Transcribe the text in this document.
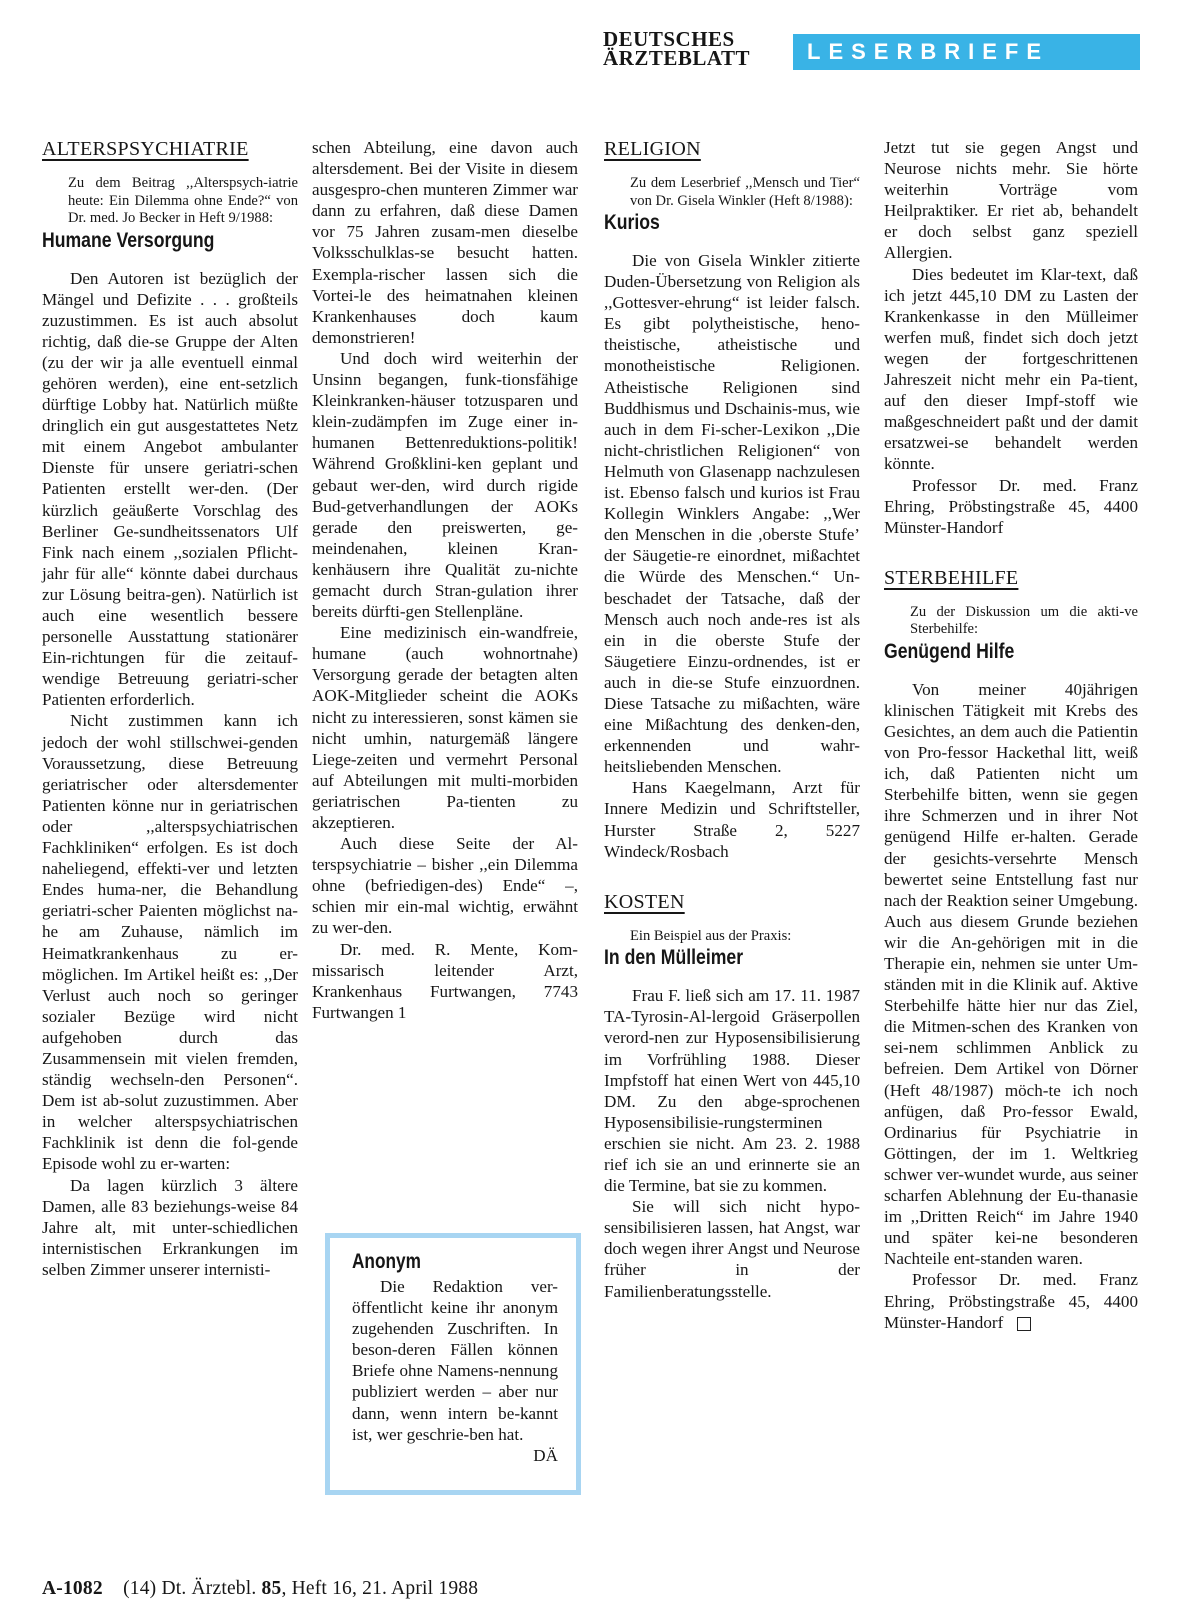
DEUTSCHES
ÄRZTEBLATT	LESERBRIEFE
ALTERSPSYCHIATRIE

Zu dem Beitrag ,,Alterspsych-iatrie heute: Ein Dilemma ohne Ende?“ von Dr. med. Jo Becker in Heft 9/1988:

Humane Versorgung

Den Autoren ist bezüglich der Mängel und Defizite . . . großteils zuzustimmen. Es ist auch absolut richtig, daß die-se Gruppe der Alten (zu der wir ja alle eventuell einmal gehören werden), eine ent-setzlich dürftige Lobby hat. Natürlich müßte dringlich ein gut ausgestattetes Netz mit einem Angebot ambulanter Dienste für unsere geriatri-schen Patienten erstellt wer-den. (Der kürzlich geäußerte Vorschlag des Berliner Ge-sundheitssenators Ulf Fink nach einem ,,sozialen Pflicht-jahr für alle“ könnte dabei durchaus zur Lösung beitra-gen). Natürlich ist auch eine wesentlich bessere personelle Ausstattung stationärer Ein-richtungen für die zeitauf-wendige Betreuung geriatri-scher Patienten erforderlich.

Nicht zustimmen kann ich jedoch der wohl stillschwei-genden Voraussetzung, diese Betreuung geriatrischer oder altersdementer Patienten könne nur in geriatrischen oder ,,alterspsychiatrischen Fachkliniken“ erfolgen. Es ist doch naheliegend, effekti-ver und letzten Endes huma-ner, die Behandlung geriatri-scher Paienten möglichst na-he am Zuhause, nämlich im Heimatkrankenhaus zu er-möglichen. Im Artikel heißt es: ,,Der Verlust auch noch so geringer sozialer Bezüge wird nicht aufgehoben durch das Zusammensein mit vielen fremden, ständig wechseln-den Personen“. Dem ist ab-solut zuzustimmen. Aber in welcher alterspsychiatrischen Fachklinik ist denn die fol-gende Episode wohl zu er-warten:

Da lagen kürzlich 3 ältere Damen, alle 83 beziehungs-weise 84 Jahre alt, mit unter-schiedlichen internistischen Erkrankungen im selben Zimmer unserer internisti-

schen Abteilung, eine davon auch altersdement. Bei der Visite in diesem ausgespro-chen munteren Zimmer war dann zu erfahren, daß diese Damen vor 75 Jahren zusam-men dieselbe Volksschulklas-se besucht hatten. Exempla-rischer lassen sich die Vortei-le des heimatnahen kleinen Krankenhauses doch kaum demonstrieren!

Und doch wird weiterhin der Unsinn begangen, funk-tionsfähige Kleinkranken-häuser totzusparen und klein-zudämpfen im Zuge einer in-humanen Bettenreduktions-politik! Während Großklini-ken geplant und gebaut wer-den, wird durch rigide Bud-getverhandlungen der AOKs gerade den preiswerten, ge-meindenahen, kleinen Kran-kenhäusern ihre Qualität zu-nichte gemacht durch Stran-gulation ihrer bereits dürfti-gen Stellenpläne.

Eine medizinisch ein-wandfreie, humane (auch wohnortnahe) Versorgung gerade der betagten alten AOK-Mitglieder scheint die AOKs nicht zu interessieren, sonst kämen sie nicht umhin, naturgemäß längere Liege-zeiten und vermehrt Personal auf Abteilungen mit multi-morbiden geriatrischen Pa-tienten zu akzeptieren.

Auch diese Seite der Al-terspsychiatrie – bisher ,,ein Dilemma ohne (befriedigen-des) Ende“ –, schien mir ein-mal wichtig, erwähnt zu wer-den.

Dr. med. R. Mente, Kom-missarisch leitender Arzt, Krankenhaus Furtwangen, 7743 Furtwangen 1

Anonym

Die Redaktion ver-öffentlicht keine ihr anonym zugehenden Zuschriften. In beson-deren Fällen können Briefe ohne Namens-nennung publiziert werden – aber nur dann, wenn intern be-kannt ist, wer geschrie-ben hat.
DÄ

RELIGION

Zu dem Leserbrief ,,Mensch und Tier“ von Dr. Gisela Winkler (Heft 8/1988):

Kurios

Die von Gisela Winkler zitierte Duden-Übersetzung von Religion als ,,Gottesver-ehrung“ ist leider falsch. Es gibt polytheistische, heno-theistische, atheistische und monotheistische Religionen. Atheistische Religionen sind Buddhismus und Dschainis-mus, wie auch in dem Fi-scher-Lexikon ,,Die nicht-christlichen Religionen“ von Helmuth von Glasenapp nachzulesen ist. Ebenso falsch und kurios ist Frau Kollegin Winklers Angabe: ,,Wer den Menschen in die ,oberste Stufe’ der Säugetie-re einordnet, mißachtet die Würde des Menschen.“ Un-beschadet der Tatsache, daß der Mensch auch noch ande-res ist als ein in die oberste Stufe der Säugetiere Einzu-ordnendes, ist er auch in die-se Stufe einzuordnen. Diese Tatsache zu mißachten, wäre eine Mißachtung des denken-den, erkennenden und wahr-heitsliebenden Menschen.

Hans Kaegelmann, Arzt für Innere Medizin und Schriftsteller, Hurster Straße 2, 5227 Windeck/Rosbach

KOSTEN

Ein Beispiel aus der Praxis:

In den Mülleimer

Frau F. ließ sich am 17. 11. 1987 TA-Tyrosin-Al-lergoid Gräserpollen verord-nen zur Hyposensibilisierung im Vorfrühling 1988. Dieser Impfstoff hat einen Wert von 445,10 DM. Zu den abge-sprochenen Hyposensibilisie-rungsterminen erschien sie nicht. Am 23. 2. 1988 rief ich sie an und erinnerte sie an die Termine, bat sie zu kommen.

Sie will sich nicht hypo-sensibilisieren lassen, hat Angst, war doch wegen ihrer Angst und Neurose früher in der Familienberatungsstelle.

Jetzt tut sie gegen Angst und Neurose nichts mehr. Sie hörte weiterhin Vorträge vom Heilpraktiker. Er riet ab, behandelt er doch selbst ganz speziell Allergien.

Dies bedeutet im Klar-text, daß ich jetzt 445,10 DM zu Lasten der Krankenkasse in den Mülleimer werfen muß, findet sich doch jetzt wegen der fortgeschrittenen Jahreszeit nicht mehr ein Pa-tient, auf den dieser Impf-stoff wie maßgeschneidert paßt und der damit ersatzwei-se behandelt werden könnte.

Professor Dr. med. Franz Ehring, Pröbstingstraße 45, 4400 Münster-Handorf

STERBEHILFE

Zu der Diskussion um die akti-ve Sterbehilfe:

Genügend Hilfe

Von meiner 40jährigen klinischen Tätigkeit mit Krebs des Gesichtes, an dem auch die Patientin von Pro-fessor Hackethal litt, weiß ich, daß Patienten nicht um Sterbehilfe bitten, wenn sie gegen ihre Schmerzen und in ihrer Not genügend Hilfe er-halten. Gerade der gesichts-versehrte Mensch bewertet seine Entstellung fast nur nach der Reaktion seiner Umgebung. Auch aus diesem Grunde beziehen wir die An-gehörigen mit in die Therapie ein, nehmen sie unter Um-ständen mit in die Klinik auf. Aktive Sterbehilfe hätte hier nur das Ziel, die Mitmen-schen des Kranken von sei-nem schlimmen Anblick zu befreien. Dem Artikel von Dörner (Heft 48/1987) möch-te ich noch anfügen, daß Pro-fessor Ewald, Ordinarius für Psychiatrie in Göttingen, der im 1. Weltkrieg schwer ver-wundet wurde, aus seiner scharfen Ablehnung der Eu-thanasie im ,,Dritten Reich“ im Jahre 1940 und später kei-ne besonderen Nachteile ent-standen waren.

Professor Dr. med. Franz Ehring, Pröbstingstraße 45, 4400 Münster-Handorf

A-1082 (14) Dt. Ärztebl. 85, Heft 16, 21. April 1988
